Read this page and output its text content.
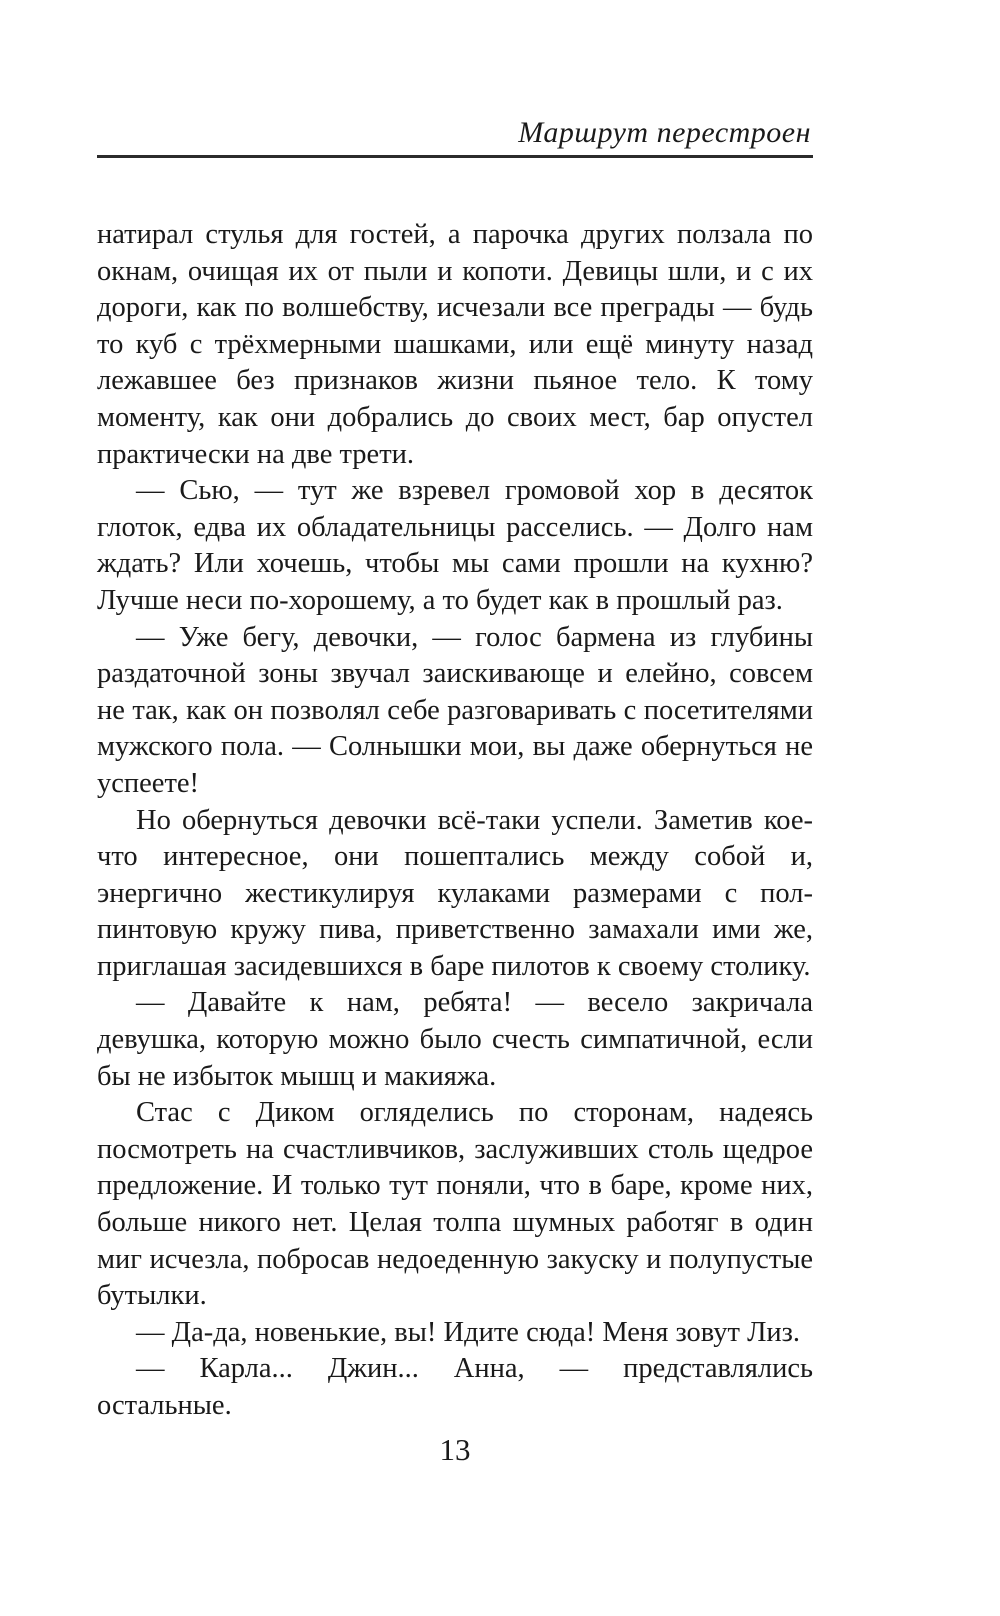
Маршрут перестроен

натирал стулья для гостей, а парочка других ползала по окнам, очищая их от пыли и копоти. Девицы шли, и с их дороги, как по волшебству, исчезали все преграды — будь то куб с трёхмерными шашками, или ещё минуту назад лежавшее без признаков жизни пьяное тело. К тому моменту, как они добрались до своих мест, бар опустел практически на две трети.

— Сью, — тут же взревел громовой хор в десяток глоток, едва их обладательницы расселись. — Долго нам ждать? Или хочешь, чтобы мы сами прошли на кухню? Лучше неси по-хорошему, а то будет как в прошлый раз.

— Уже бегу, девочки, — голос бармена из глубины раздаточной зоны звучал заискивающе и елейно, совсем не так, как он позволял себе разговаривать с посетителями мужского пола. — Солнышки мои, вы даже обернуться не успеете!

Но обернуться девочки всё-таки успели. Заметив кое-что интересное, они пошептались между собой и, энергично жестикулируя кулаками размерами с пол-пинтовую кружу пива, приветственно замахали ими же, приглашая засидевшихся в баре пилотов к своему столику.

— Давайте к нам, ребята! — весело закричала девушка, которую можно было счесть симпатичной, если бы не избыток мышц и макияжа.

Стас с Диком огляделись по сторонам, надеясь посмотреть на счастливчиков, заслуживших столь щедрое предложение. И только тут поняли, что в баре, кроме них, больше никого нет. Целая толпа шумных работяг в один миг исчезла, побросав недоеденную закуску и полупустые бутылки.

— Да-да, новенькие, вы! Идите сюда! Меня зовут Лиз.

— Карла... Джин... Анна, — представлялись остальные.

13
